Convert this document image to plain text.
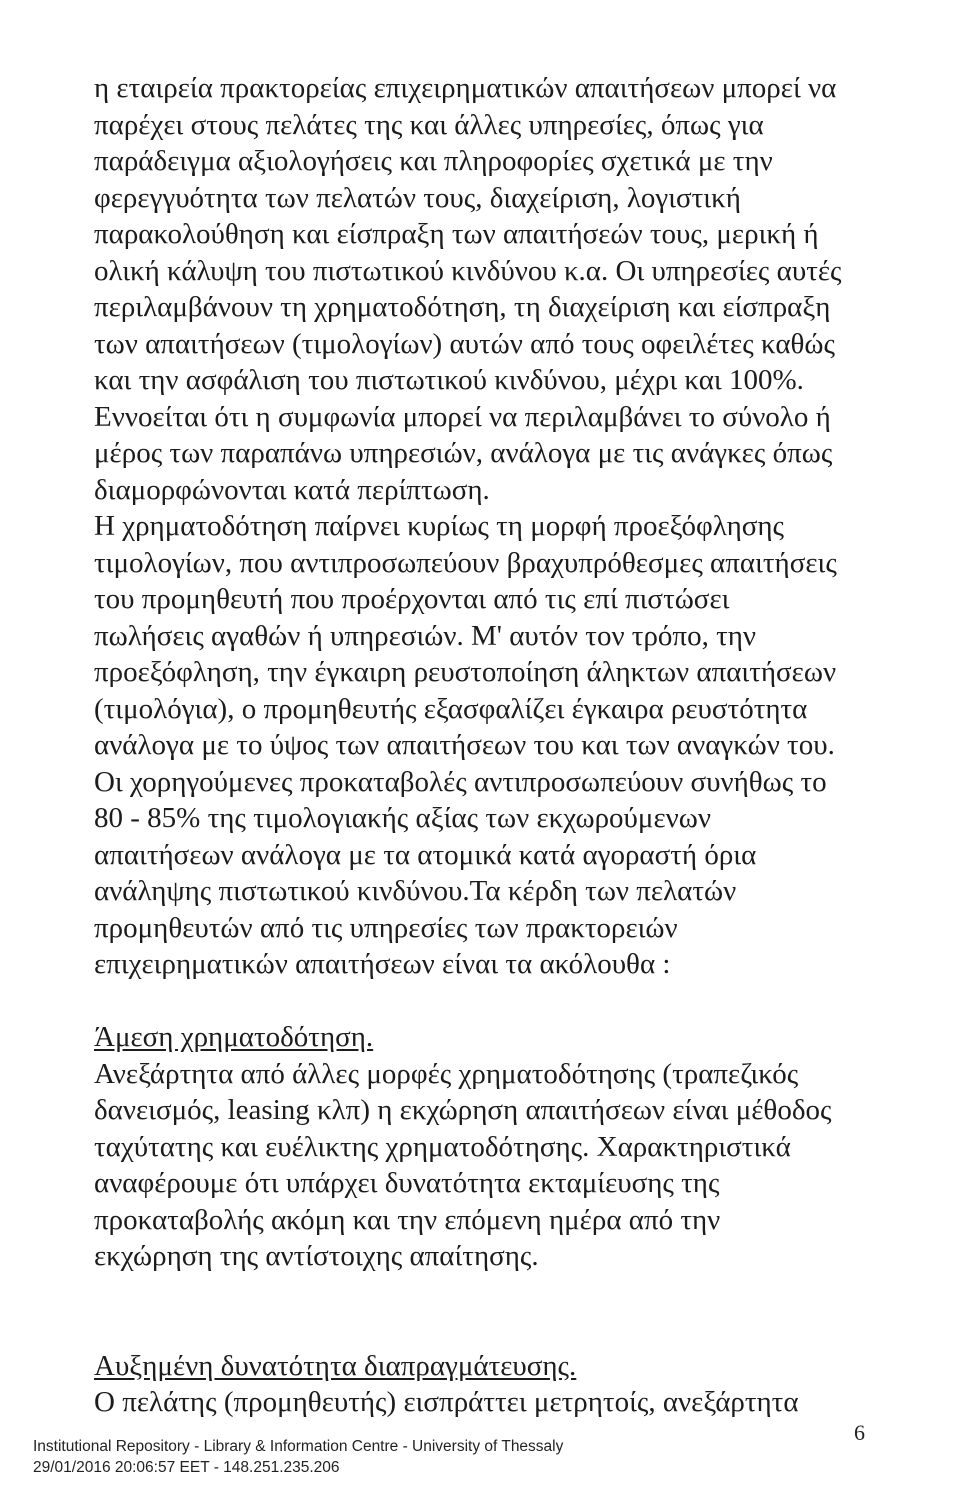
η εταιρεία πρακτορείας επιχειρηματικών απαιτήσεων μπορεί να
παρέχει στους πελάτες της και άλλες υπηρεσίες, όπως για
παράδειγμα αξιολογήσεις και πληροφορίες σχετικά με την
φερεγγυότητα των πελατών τους, διαχείριση, λογιστική
παρακολούθηση και είσπραξη των απαιτήσεών τους, μερική ή
ολική κάλυψη του πιστωτικού κινδύνου κ.α. Οι υπηρεσίες αυτές
περιλαμβάνουν τη χρηματοδότηση, τη διαχείριση και είσπραξη
των απαιτήσεων (τιμολογίων) αυτών από τους οφειλέτες καθώς
και την ασφάλιση του πιστωτικού κινδύνου, μέχρι και 100%.
Εννοείται ότι η συμφωνία μπορεί να περιλαμβάνει το σύνολο ή
μέρος των παραπάνω υπηρεσιών, ανάλογα με τις ανάγκες όπως
διαμορφώνονται κατά περίπτωση.
Η χρηματοδότηση παίρνει κυρίως τη μορφή προεξόφλησης
τιμολογίων, που αντιπροσωπεύουν βραχυπρόθεσμες απαιτήσεις
του προμηθευτή που προέρχονται από τις επί πιστώσει
πωλήσεις αγαθών ή υπηρεσιών. Μ' αυτόν τον τρόπο, την
προεξόφληση, την έγκαιρη ρευστοποίηση άληκτων απαιτήσεων
(τιμολόγια), ο προμηθευτής εξασφαλίζει έγκαιρα ρευστότητα
ανάλογα με το ύψος των απαιτήσεων του και των αναγκών του.
Οι χορηγούμενες προκαταβολές αντιπροσωπεύουν συνήθως το
80 - 85% της τιμολογιακής αξίας των εκχωρούμενων
απαιτήσεων ανάλογα με τα ατομικά κατά αγοραστή όρια
ανάληψης πιστωτικού κινδύνου.Τα κέρδη των πελατών
προμηθευτών από τις υπηρεσίες των πρακτορειών
επιχειρηματικών απαιτήσεων είναι τα ακόλουθα :
Άμεση χρηματοδότηση.
Ανεξάρτητα από άλλες μορφές χρηματοδότησης (τραπεζικός
δανεισμός, leasing κλπ) η εκχώρηση απαιτήσεων είναι μέθοδος
ταχύτατης και ευέλικτης χρηματοδότησης. Χαρακτηριστικά
αναφέρουμε ότι υπάρχει δυνατότητα εκταμίευσης της
προκαταβολής ακόμη και την επόμενη ημέρα από την
εκχώρηση της αντίστοιχης απαίτησης.
Αυξημένη δυνατότητα διαπραγμάτευσης.
Ο πελάτης (προμηθευτής) εισπράττει μετρητοίς, ανεξάρτητα
6
Institutional Repository - Library & Information Centre - University of Thessaly
29/01/2016 20:06:57 EET - 148.251.235.206
